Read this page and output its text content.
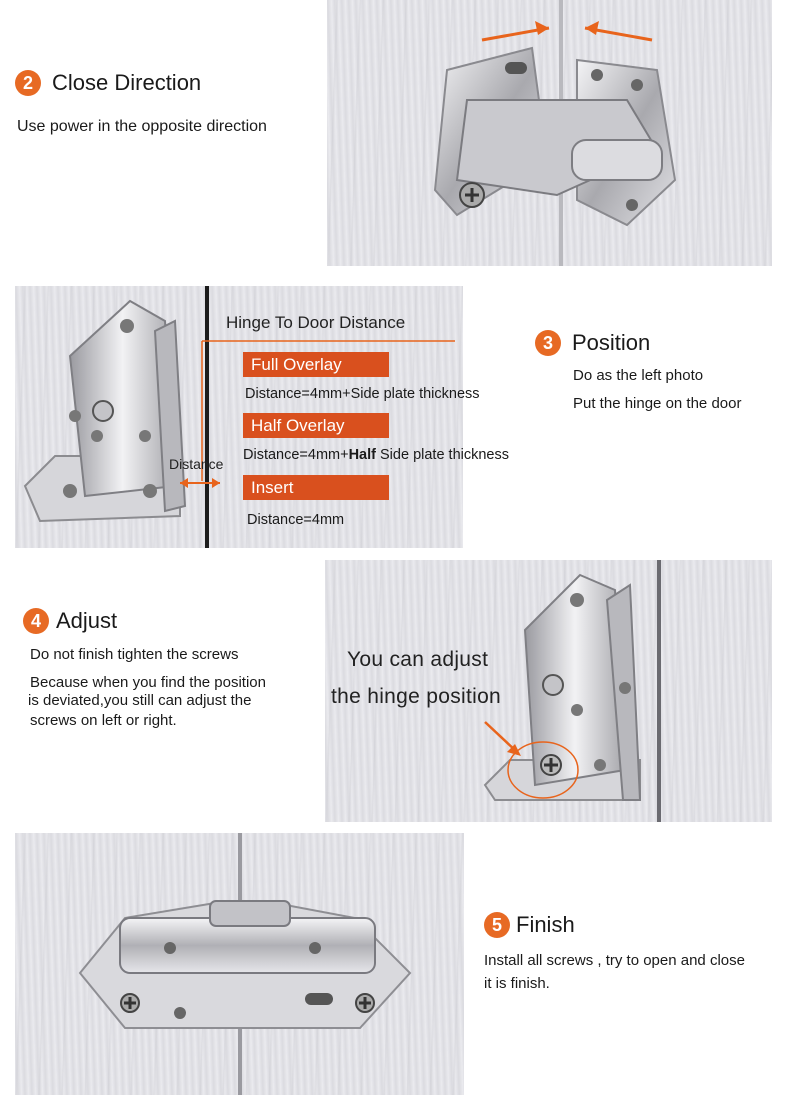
2 Close Direction
Use power in the opposite direction
Hinge To Door Distance
Distance
Full Overlay
Distance=4mm+Side plate thickness
Half Overlay
Distance=4mm+Half Side plate thickness
Insert
Distance=4mm
3 Position
Do as the left photo
Put the hinge on the door
4 Adjust
Do not finish tighten the screws
Because when you find the position
is deviated,you still can adjust the
screws on left or right.
You can adjust
the hinge position
5 Finish
Install all screws , try to open and close
it is finish.
